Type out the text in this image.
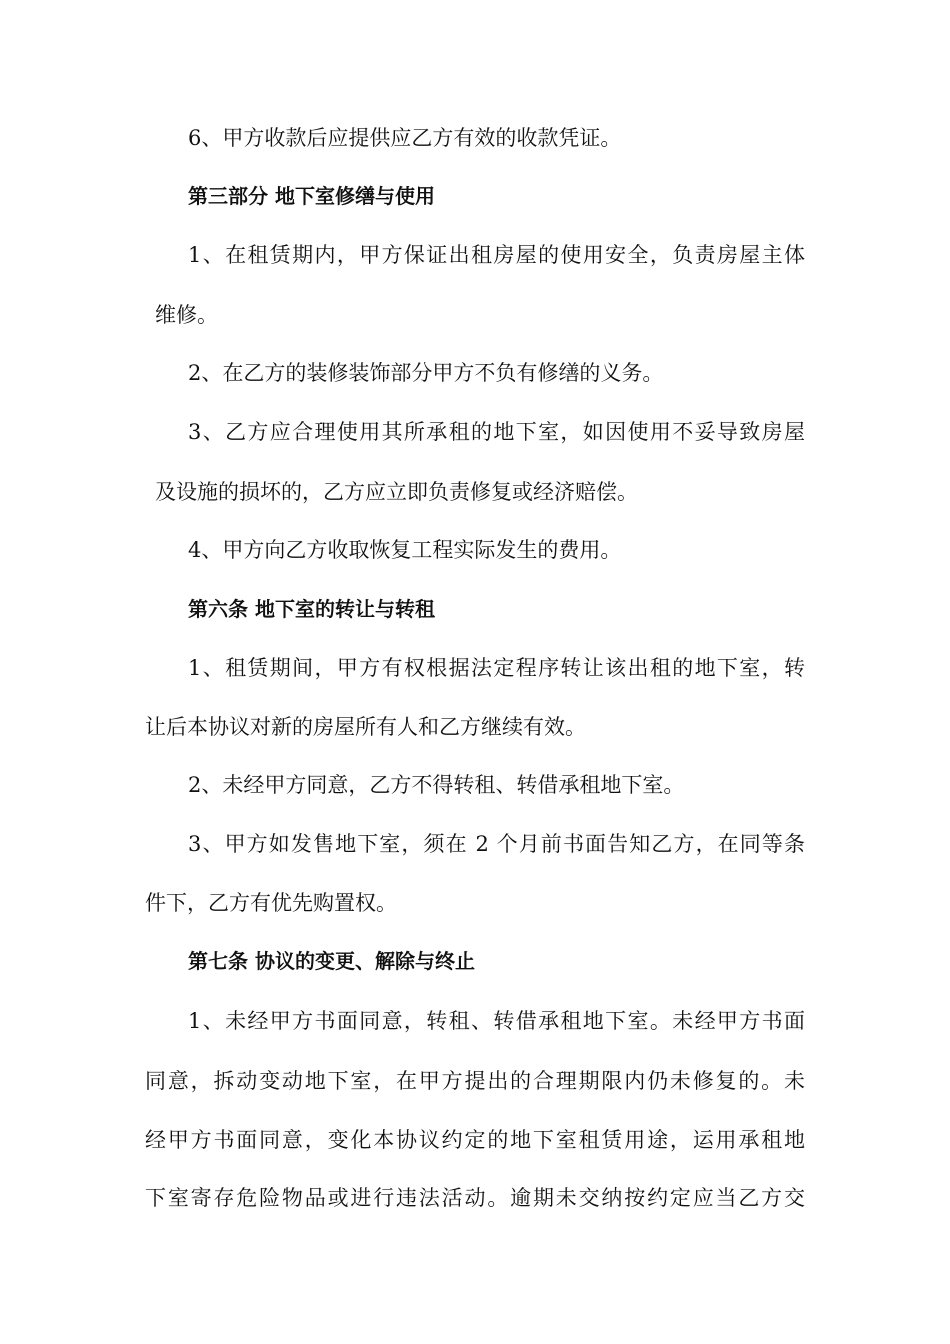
6、甲方收款后应提供应乙方有效的收款凭证。
第三部分 地下室修缮与使用
1、在租赁期内，甲方保证出租房屋的使用安全，负责房屋主体
维修。
2、在乙方的装修装饰部分甲方不负有修缮的义务。
3、乙方应合理使用其所承租的地下室，如因使用不妥导致房屋
及设施的损坏的，乙方应立即负责修复或经济赔偿。
4、甲方向乙方收取恢复工程实际发生的费用。
第六条 地下室的转让与转租
1、租赁期间，甲方有权根据法定程序转让该出租的地下室，转
让后本协议对新的房屋所有人和乙方继续有效。
2、未经甲方同意，乙方不得转租、转借承租地下室。
3、甲方如发售地下室，须在 2 个月前书面告知乙方，在同等条
件下，乙方有优先购置权。
第七条 协议的变更、解除与终止
1、未经甲方书面同意，转租、转借承租地下室。未经甲方书面
同意，拆动变动地下室，在甲方提出的合理期限内仍未修复的。未
经甲方书面同意，变化本协议约定的地下室租赁用途，运用承租地
下室寄存危险物品或进行违法活动。逾期未交纳按约定应当乙方交
